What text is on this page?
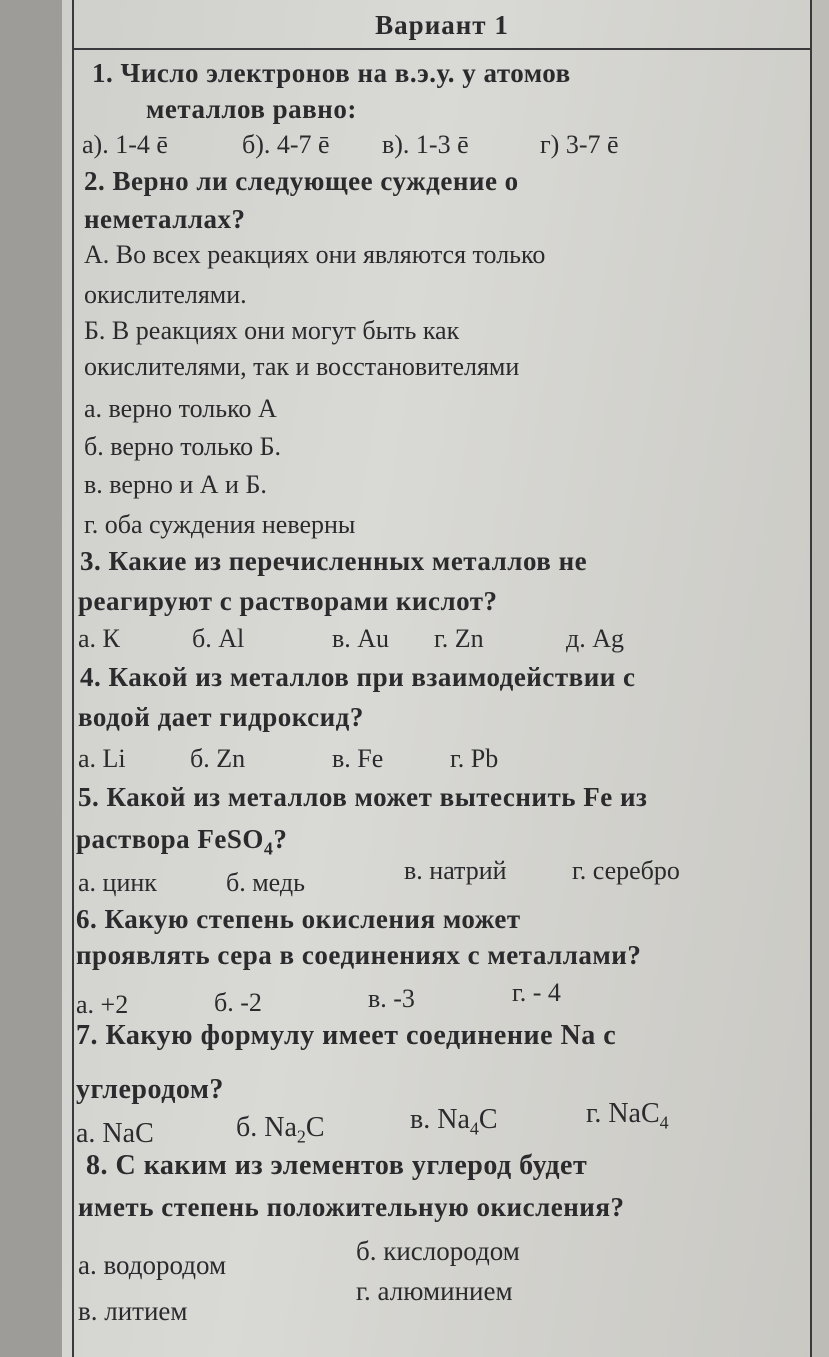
Вариант 1
1. Число электронов на в.э.у. у атомов
металлов равно:
а). 1-4 ē	б). 4-7 ē в). 1-3 ē	г) 3-7 ē
2. Верно ли следующее суждение о
неметаллах?
А. Во всех реакциях они являются только
окислителями.
Б. В реакциях они могут быть как
окислителями, так и восстановителями
а. верно только А
б. верно только Б.
в. верно и А и Б.
г. оба суждения неверны
3. Какие из перечисленных металлов не
реагируют с растворами кислот?
а. К	б. Al	в. Au г. Zn	д. Ag
4. Какой из металлов при взаимодействии с
водой дает гидроксид?
а. Li б. Zn	в. Fe	г. Pb
5. Какой из металлов может вытеснить Fe из
раствора FeSO$_4$?
а. цинк	б. медь	в. натрий	г. серебро
6. Какую степень окисления может
проявлять сера в соединениях с металлами?
а. +2	б. -2	в. -3	г. - 4
7. Какую формулу имеет соединение Na с
углеродом?
а. NaC	б. $Na_2C$	в. $Na_4C$	г. NaC$_4$
8. С каким из элементов углерод будет
иметь степень положительную окисления?
а. водородом	б. кислородом
в. литием
г. алюминием
